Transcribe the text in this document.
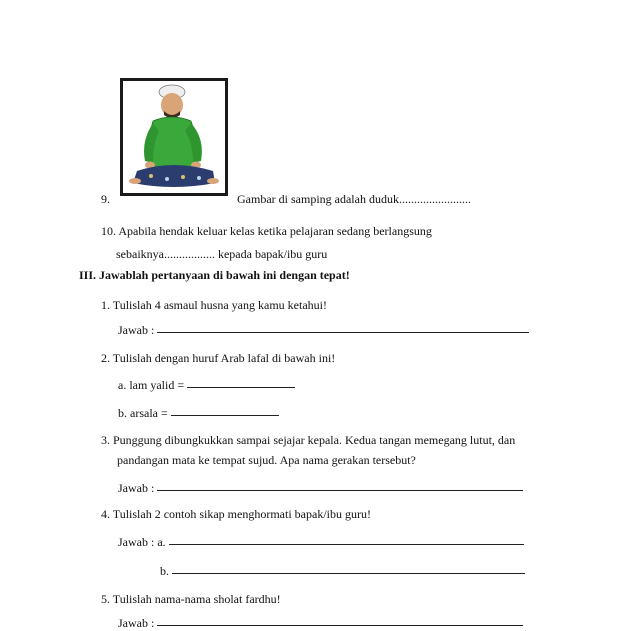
9.	Gambar di samping adalah duduk........................
10. Apabila hendak keluar kelas ketika pelajaran sedang berlangsung
sebaiknya................. kepada bapak/ibu guru
III. Jawablah pertanyaan di bawah ini dengan tepat!
1. Tulislah 4 asmaul husna yang kamu ketahui!
Jawab :
2. Tulislah dengan huruf Arab lafal di bawah ini!
a. lam yalid =
b. arsala =
3. Punggung dibungkukkan sampai sejajar kepala. Kedua tangan memegang lutut, dan
pandangan mata ke tempat sujud. Apa nama gerakan tersebut?
Jawab :
4. Tulislah 2 contoh sikap menghormati bapak/ibu guru!
Jawab : a.
b.
5. Tulislah nama-nama sholat fardhu!
Jawab :
